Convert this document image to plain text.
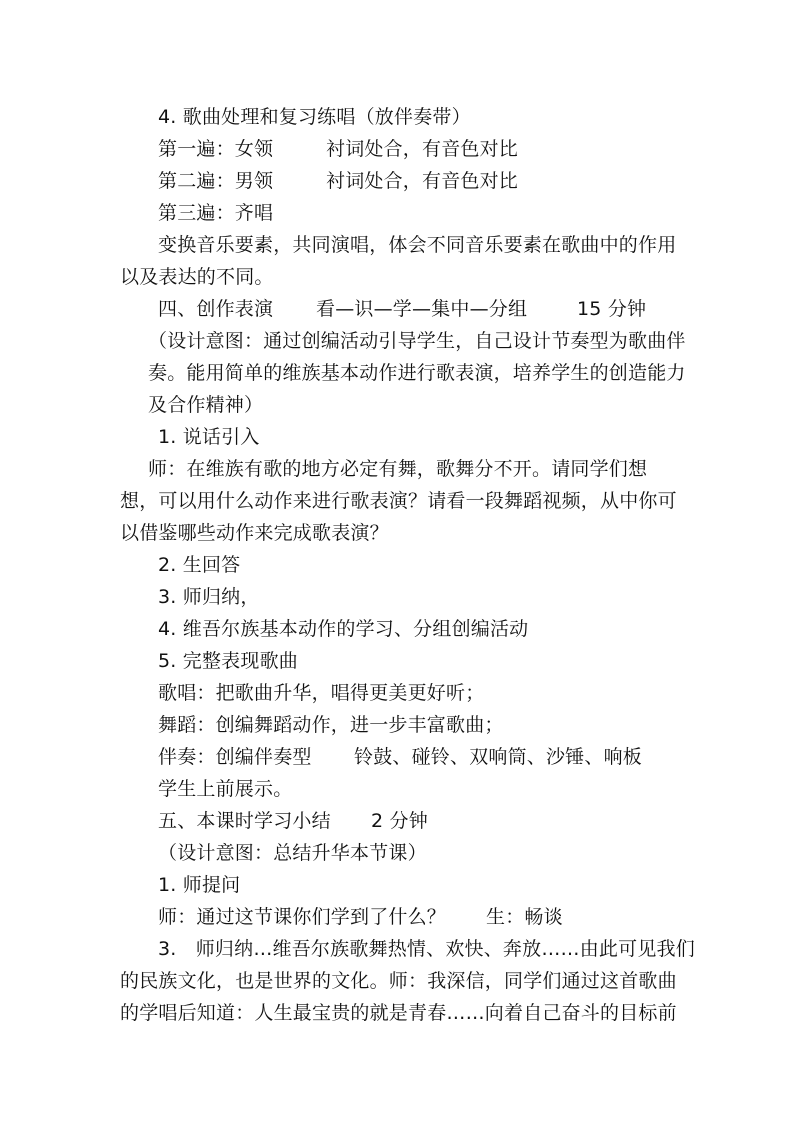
4. 歌曲处理和复习练唱（放伴奏带）
第一遍：女领	衬词处合，有音色对比
第二遍：男领	衬词处合，有音色对比
第三遍：齐唱
变换音乐要素，共同演唱，体会不同音乐要素在歌曲中的作用
以及表达的不同。
四、创作表演 看—识—学—集中—分组	15 分钟
（设计意图：通过创编活动引导学生，自己设计节奏型为歌曲伴
奏。能用简单的维族基本动作进行歌表演，培养学生的创造能力
及合作精神）
1. 说话引入
师：在维族有歌的地方必定有舞，歌舞分不开。请同学们想
想，可以用什么动作来进行歌表演？请看一段舞蹈视频，从中你可
以借鉴哪些动作来完成歌表演？
2. 生回答
3. 师归纳，
4. 维吾尔族基本动作的学习、分组创编活动
5. 完整表现歌曲
歌唱：把歌曲升华，唱得更美更好听；
舞蹈：创编舞蹈动作，进一步丰富歌曲；
伴奏：创编伴奏型 铃鼓、碰铃、双响筒、沙锤、响板
学生上前展示。
五、本课时学习小结 2 分钟
（设计意图：总结升华本节课）
1. 师提问
师：通过这节课你们学到了什么？ 生：畅谈
3.　师归纳…维吾尔族歌舞热情、欢快、奔放……由此可见我们
的民族文化，也是世界的文化。师：我深信，同学们通过这首歌曲
的学唱后知道：人生最宝贵的就是青春……向着自己奋斗的目标前
